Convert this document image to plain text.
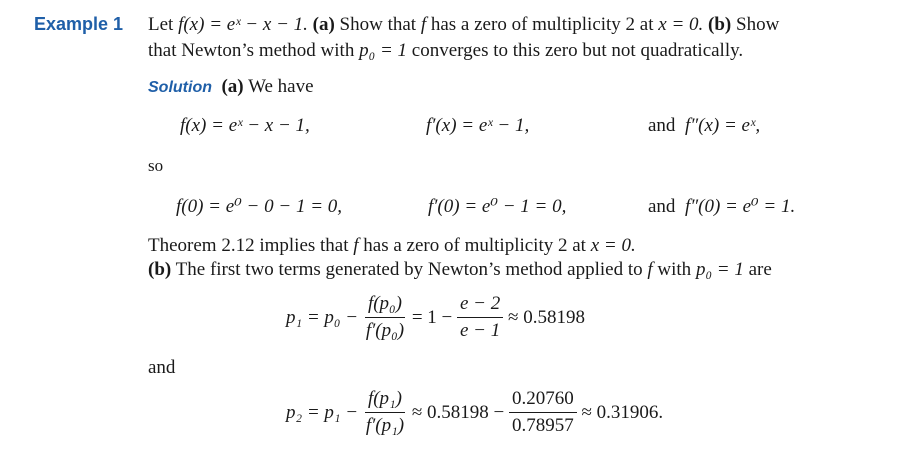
Example 1 Let f(x) = eˣ − x − 1. (a) Show that f has a zero of multiplicity 2 at x = 0. (b) Show
that Newton’s method with p₀ = 1 converges to this zero but not quadratically.
Solution (a) We have
f(x) = eˣ − x − 1,	f′(x) = eˣ − 1,	and f″(x) = eˣ,
so
f(0) = e⁰ − 0 − 1 = 0,	f′(0) = e⁰ − 1 = 0,	and f″(0) = e⁰ = 1.
Theorem 2.12 implies that f has a zero of multiplicity 2 at x = 0.
(b) The first two terms generated by Newton’s method applied to f with p₀ = 1 are
p₁ = p₀ −
$\frac{\text{f(p₀)}}{\text{f′(p₀)}}$
= 1 −
$\frac{e - 2}{e - 1}$
≈ 0.58198
and
p₂ = p₁ −
$\frac{\text{f(p₁)}}{\text{f′(p₁)}}$
≈ 0.58198 −
$\frac{0.20760}{0.78957}$
≈ 0.31906.
